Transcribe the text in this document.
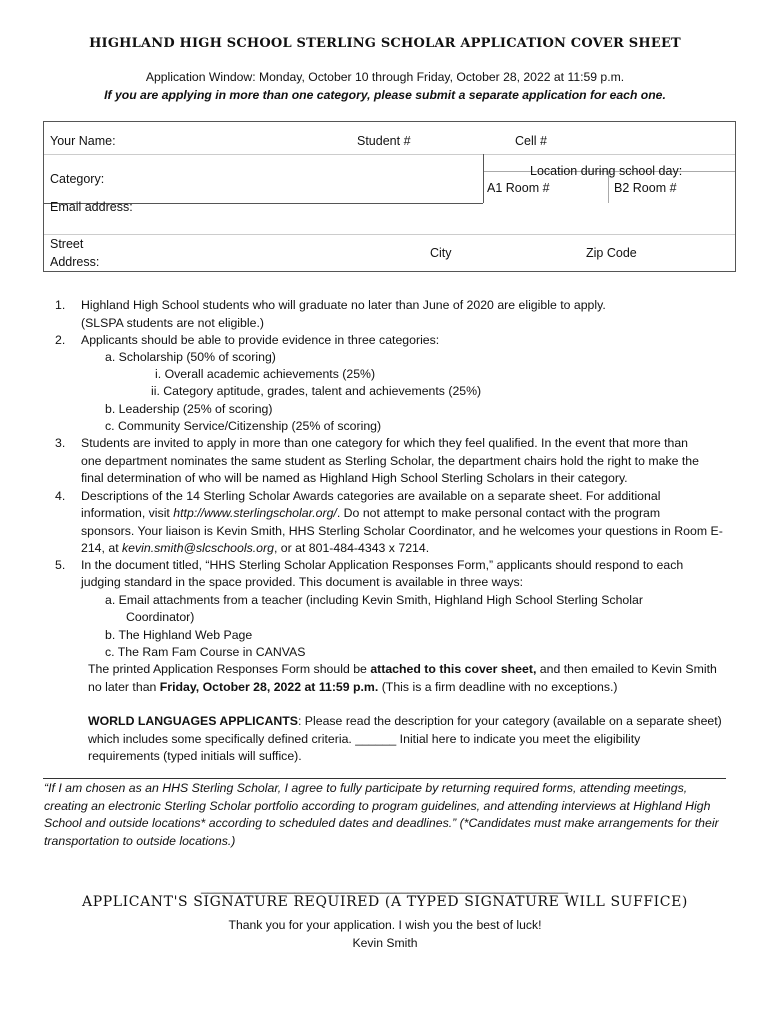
HIGHLAND HIGH SCHOOL STERLING SCHOLAR APPLICATION COVER SHEET
Application Window: Monday, October 10 through Friday, October 28, 2022 at 11:59 p.m.
If you are applying in more than one category, please submit a separate application for each one.
Your Name:	Student #	Cell #
Category:
Location during school day:
A1 Room #	B2 Room #
Email address:
Street
Address:
City	Zip Code
1. Highland High School students who will graduate no later than June of 2020 are eligible to apply.
(SLSPA students are not eligible.)
2. Applicants should be able to provide evidence in three categories:
a. Scholarship (50% of scoring)
i. Overall academic achievements (25%)
ii. Category aptitude, grades, talent and achievements (25%)
b. Leadership (25% of scoring)
c. Community Service/Citizenship (25% of scoring)
3. Students are invited to apply in more than one category for which they feel qualified. In the event that more than
one department nominates the same student as Sterling Scholar, the department chairs hold the right to make the
final determination of who will be named as Highland High School Sterling Scholars in their category.
4. Descriptions of the 14 Sterling Scholar Awards categories are available on a separate sheet. For additional
information, visit http://www.sterlingscholar.org/. Do not attempt to make personal contact with the program
sponsors. Your liaison is Kevin Smith, HHS Sterling Scholar Coordinator, and he welcomes your questions in Room E-
214, at kevin.smith@slcschools.org, or at 801-484-4343 x 7214.
5. In the document titled, “HHS Sterling Scholar Application Responses Form,” applicants should respond to each
judging standard in the space provided. This document is available in three ways:
a. Email attachments from a teacher (including Kevin Smith, Highland High School Sterling Scholar
Coordinator)
b. The Highland Web Page
c. The Ram Fam Course in CANVAS
The printed Application Responses Form should be attached to this cover sheet, and then emailed to Kevin Smith
no later than Friday, October 28, 2022 at 11:59 p.m. (This is a firm deadline with no exceptions.)
WORLD LANGUAGES APPLICANTS: Please read the description for your category (available on a separate sheet)
which includes some specifically defined criteria. ______ Initial here to indicate you meet the eligibility
requirements (typed initials will suffice).
“If I am chosen as an HHS Sterling Scholar, I agree to fully participate by returning required forms, attending meetings, creating an electronic Sterling Scholar portfolio according to program guidelines, and attending interviews at Highland High School and outside locations* according to scheduled dates and deadlines.” (*Candidates must make arrangements for their transportation to outside locations.)
_______________________________________________________
APPLICANT'S SIGNATURE REQUIRED (A TYPED SIGNATURE WILL SUFFICE)
Thank you for your application. I wish you the best of luck!
Kevin Smith
